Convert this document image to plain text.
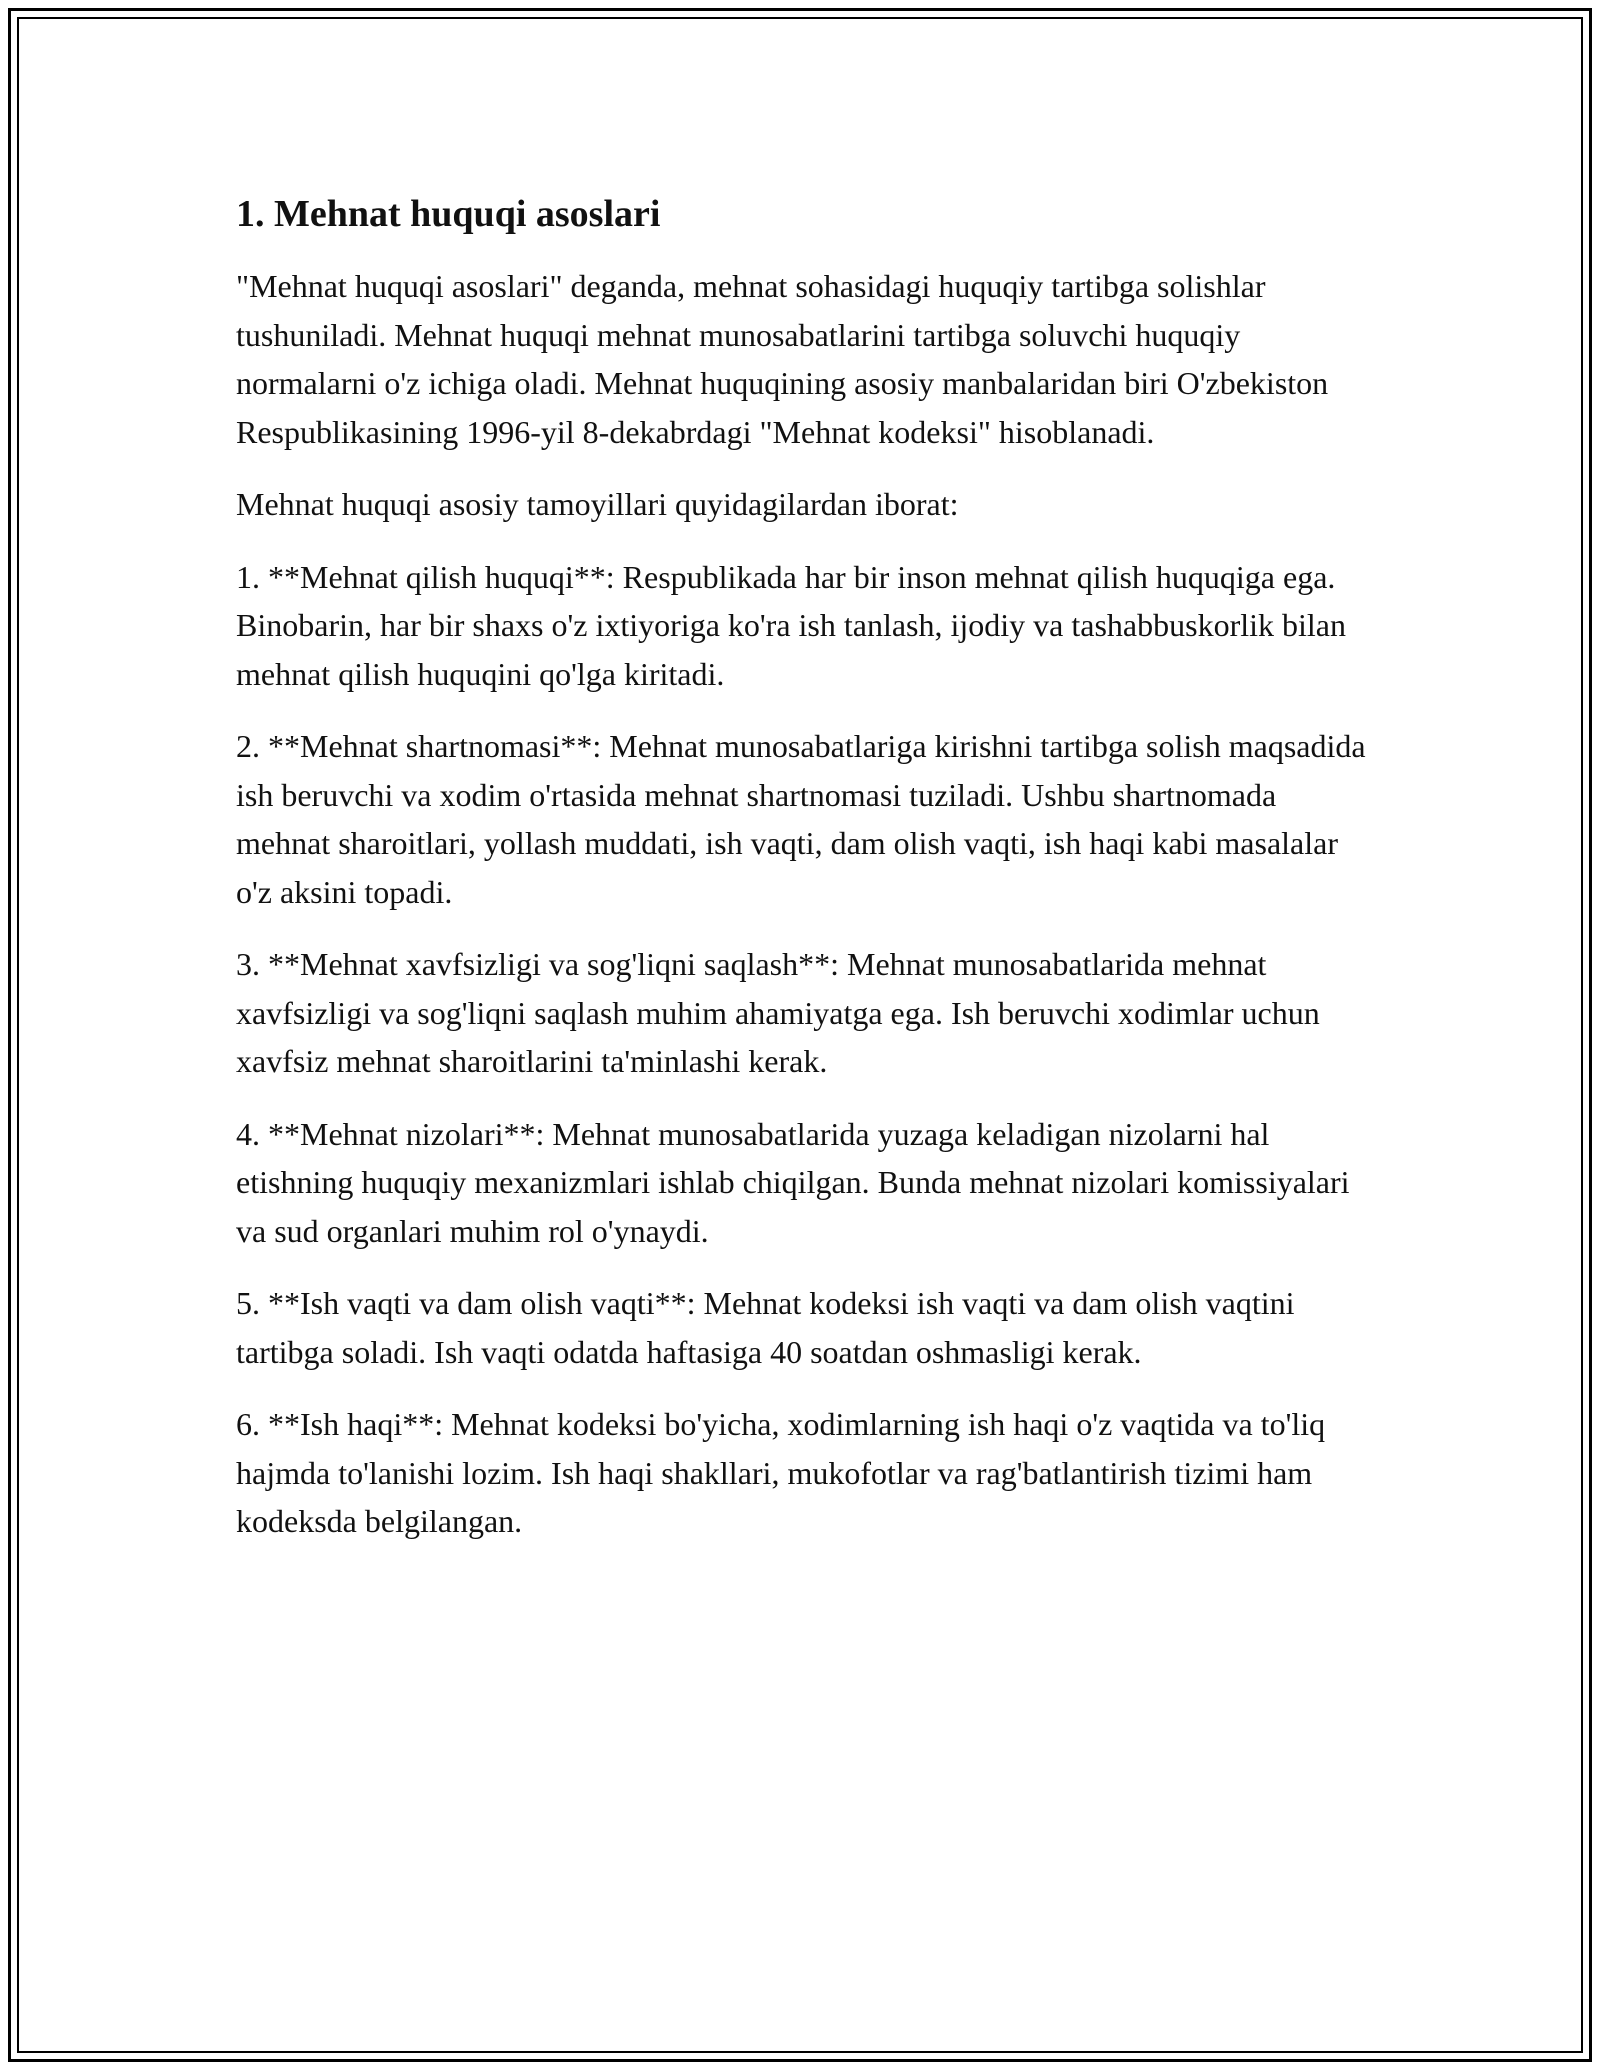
1. Mehnat huquqi asoslari

"Mehnat huquqi asoslari" deganda, mehnat sohasidagi huquqiy tartibga solishlar tushuniladi. Mehnat huquqi mehnat munosabatlarini tartibga soluvchi huquqiy normalarni o'z ichiga oladi. Mehnat huquqining asosiy manbalaridan biri O'zbekiston Respublikasining 1996-yil 8-dekabrdagi "Mehnat kodeksi" hisoblanadi.

Mehnat huquqi asosiy tamoyillari quyidagilardan iborat:

1. **Mehnat qilish huquqi**: Respublikada har bir inson mehnat qilish huquqiga ega. Binobarin, har bir shaxs o'z ixtiyoriga ko'ra ish tanlash, ijodiy va tashabbuskorlik bilan mehnat qilish huquqini qo'lga kiritadi.

2. **Mehnat shartnomasi**: Mehnat munosabatlariga kirishni tartibga solish maqsadida ish beruvchi va xodim o'rtasida mehnat shartnomasi tuziladi. Ushbu shartnomada mehnat sharoitlari, yollash muddati, ish vaqti, dam olish vaqti, ish haqi kabi masalalar o'z aksini topadi.

3. **Mehnat xavfsizligi va sog'liqni saqlash**: Mehnat munosabatlarida mehnat xavfsizligi va sog'liqni saqlash muhim ahamiyatga ega. Ish beruvchi xodimlar uchun xavfsiz mehnat sharoitlarini ta'minlashi kerak.

4. **Mehnat nizolari**: Mehnat munosabatlarida yuzaga keladigan nizolarni hal etishning huquqiy mexanizmlari ishlab chiqilgan. Bunda mehnat nizolari komissiyalari va sud organlari muhim rol o'ynaydi.

5. **Ish vaqti va dam olish vaqti**: Mehnat kodeksi ish vaqti va dam olish vaqtini tartibga soladi. Ish vaqti odatda haftasiga 40 soatdan oshmasligi kerak.

6. **Ish haqi**: Mehnat kodeksi bo'yicha, xodimlarning ish haqi o'z vaqtida va to'liq hajmda to'lanishi lozim. Ish haqi shakllari, mukofotlar va rag'batlantirish tizimi ham kodeksda belgilangan.
